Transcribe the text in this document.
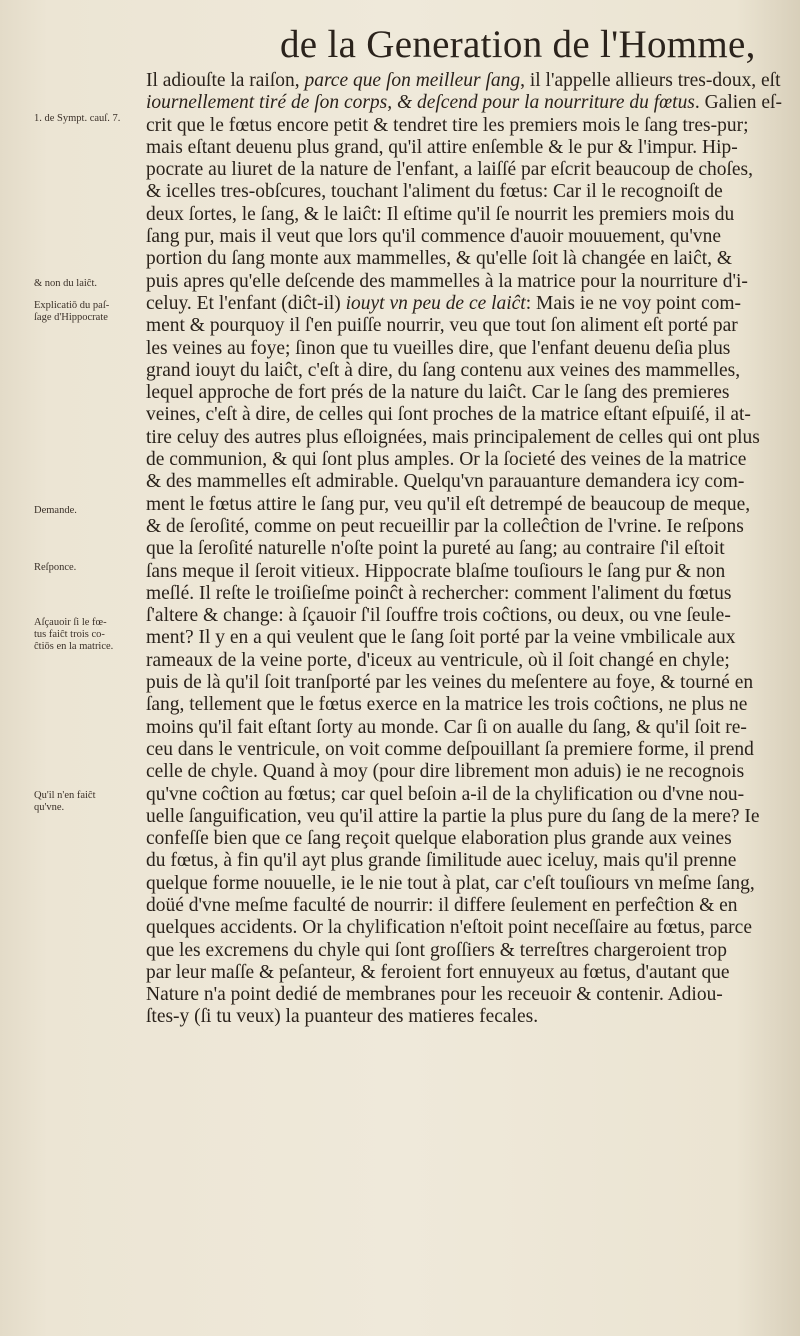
de la Generation de l'Homme,
1. de Sympt. cauſ. 7.
& non du laiĉt.
Explicatiō du paſ-
ſage d'Hippocrate
Demande.
Reſponce.
Aſçauoir ſi le fœ-
tus faiĉt trois co-
ĉtiōs en la matrice.
Qu'il n'en faiĉt
qu'vne.
Il adiouſte la raiſon, parce que ſon meilleur ſang, il l'appelle allieurs tres-doux, eſt
iournellement tiré de ſon corps, & deſcend pour la nourriture du fœtus. Galien eſ-
crit que le fœtus encore petit & tendret tire les premiers mois le ſang tres-pur;
mais eſtant deuenu plus grand, qu'il attire enſemble & le pur & l'impur. Hip-
pocrate au liuret de la nature de l'enfant, a laiſſé par eſcrit beaucoup de choſes,
& icelles tres-obſcures, touchant l'aliment du fœtus: Car il le recognoiſt de
deux ſortes, le ſang, & le laiĉt: Il eſtime qu'il ſe nourrit les premiers mois du
ſang pur, mais il veut que lors qu'il commence d'auoir mouuement, qu'vne
portion du ſang monte aux mammelles, & qu'elle ſoit là changée en laiĉt, &
puis apres qu'elle deſcende des mammelles à la matrice pour la nourriture d'i-
celuy. Et l'enfant (diĉt-il) iouyt vn peu de ce laiĉt: Mais ie ne voy point com-
ment & pourquoy il ſ'en puiſſe nourrir, veu que tout ſon aliment eſt porté par
les veines au foye; ſinon que tu vueilles dire, que l'enfant deuenu deſia plus
grand iouyt du laiĉt, c'eſt à dire, du ſang contenu aux veines des mammelles,
lequel approche de fort prés de la nature du laiĉt. Car le ſang des premieres
veines, c'eſt à dire, de celles qui ſont proches de la matrice eſtant eſpuiſé, il at-
tire celuy des autres plus eſloignées, mais principalement de celles qui ont plus
de communion, & qui ſont plus amples. Or la ſocieté des veines de la matrice
& des mammelles eſt admirable. Quelqu'vn parauanture demandera icy com-
ment le fœtus attire le ſang pur, veu qu'il eſt detrempé de beaucoup de meque,
& de ſeroſité, comme on peut recueillir par la colleĉtion de l'vrine. Ie reſpons
que la ſeroſité naturelle n'oſte point la pureté au ſang; au contraire ſ'il eſtoit
ſans meque il ſeroit vitieux. Hippocrate blaſme touſiours le ſang pur & non
meſlé. Il reſte le troiſieſme poinĉt à rechercher: comment l'aliment du fœtus
ſ'altere & change: à ſçauoir ſ'il ſouffre trois coĉtions, ou deux, ou vne ſeule-
ment? Il y en a qui veulent que le ſang ſoit porté par la veine vmbilicale aux
rameaux de la veine porte, d'iceux au ventricule, où il ſoit changé en chyle;
puis de là qu'il ſoit tranſporté par les veines du meſentere au foye, & tourné en
ſang, tellement que le fœtus exerce en la matrice les trois coĉtions, ne plus ne
moins qu'il fait eſtant ſorty au monde. Car ſi on aualle du ſang, & qu'il ſoit re-
ceu dans le ventricule, on voit comme deſpouillant ſa premiere forme, il prend
celle de chyle. Quand à moy (pour dire librement mon aduis) ie ne recognois
qu'vne coĉtion au fœtus; car quel beſoin a-il de la chylification ou d'vne nou-
uelle ſanguification, veu qu'il attire la partie la plus pure du ſang de la mere? Ie
confeſſe bien que ce ſang reçoit quelque elaboration plus grande aux veines
du fœtus, à fin qu'il ayt plus grande ſimilitude auec iceluy, mais qu'il prenne
quelque forme nouuelle, ie le nie tout à plat, car c'eſt touſiours vn meſme ſang,
doüé d'vne meſme faculté de nourrir: il differe ſeulement en perfeĉtion & en
quelques accidents. Or la chylification n'eſtoit point neceſſaire au fœtus, parce
que les excremens du chyle qui ſont groſſiers & terreſtres chargeroient trop
par leur maſſe & peſanteur, & feroient fort ennuyeux au fœtus, d'autant que
Nature n'a point dedié de membranes pour les receuoir & contenir. Adiou-
ſtes-y (ſi tu veux) la puanteur des matieres fecales.
